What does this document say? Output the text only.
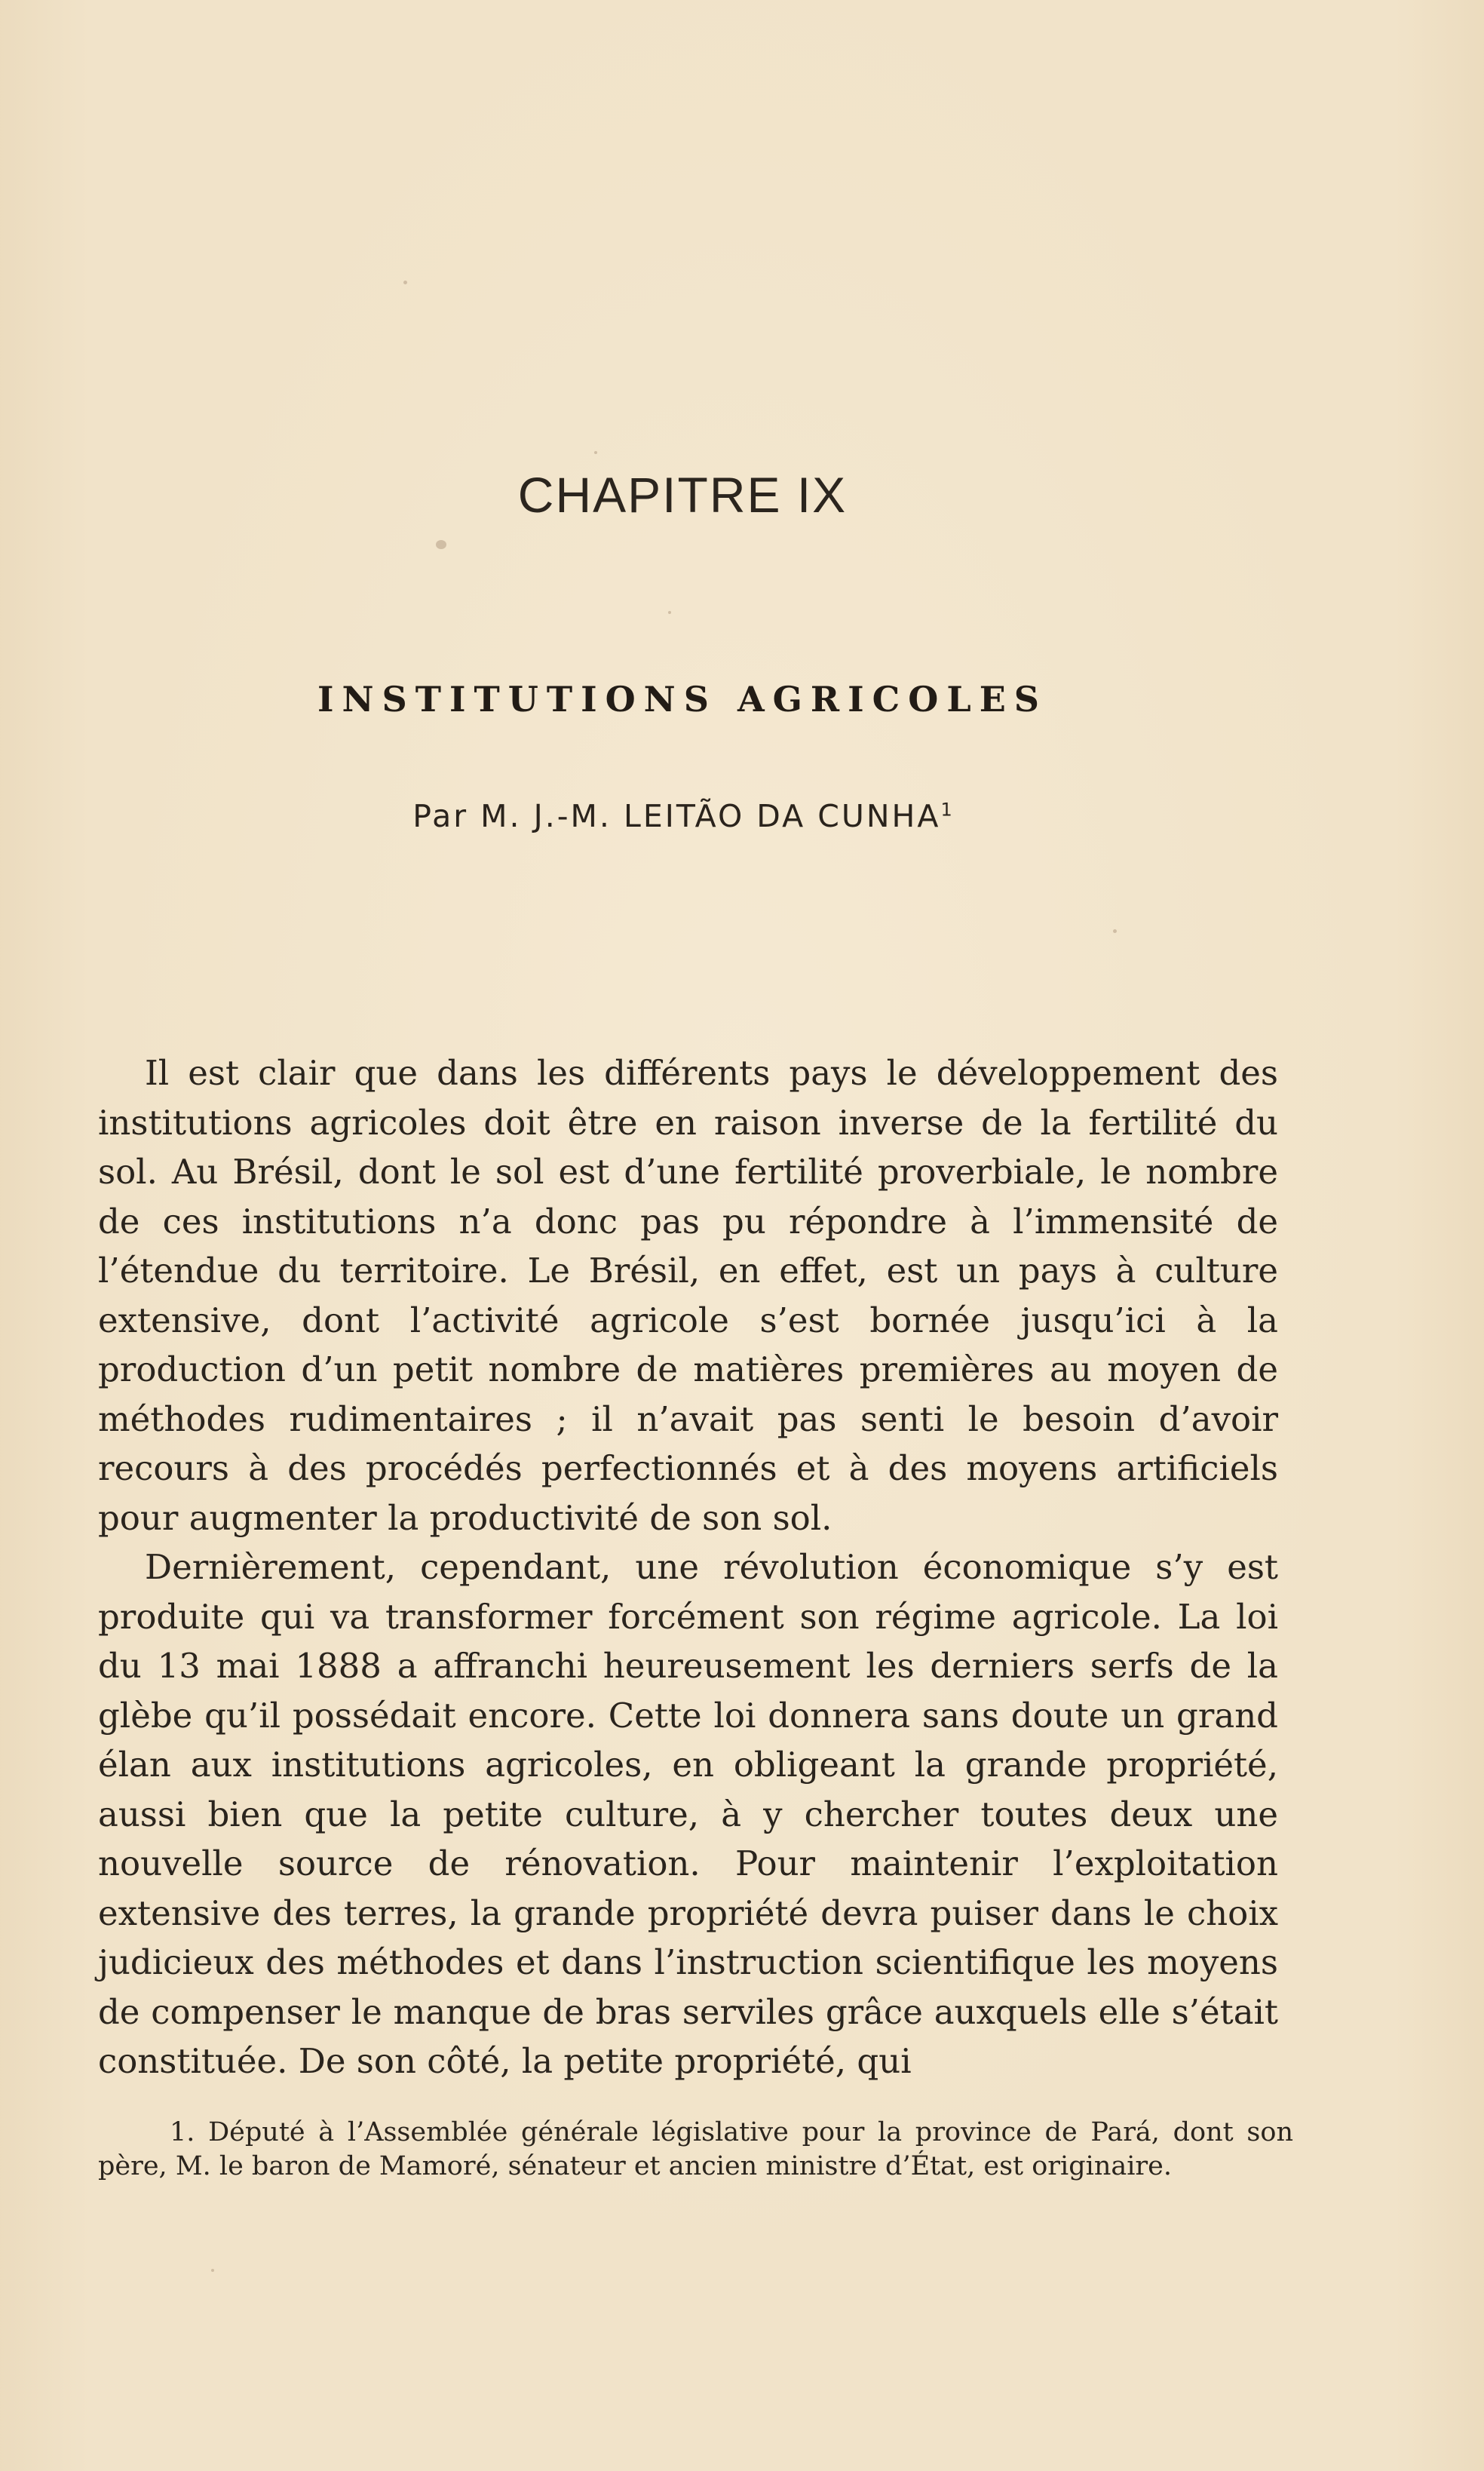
CHAPITRE IX
INSTITUTIONS AGRICOLES
Par M. J.-M. LEITÃO DA CUNHA$^1$

Il est clair que dans les différents pays le développement des institutions agricoles doit être en raison inverse de la fertilité du sol. Au Brésil, dont le sol est d’une fertilité proverbiale, le nombre de ces institutions n’a donc pas pu répondre à l’immensité de l’étendue du territoire. Le Brésil, en effet, est un pays à culture extensive, dont l’activité agricole s’est bornée jusqu’ici à la production d’un petit nombre de matières premières au moyen de méthodes rudimentaires ; il n’avait pas senti le besoin d’avoir recours à des procédés perfectionnés et à des moyens artificiels pour augmenter la productivité de son sol.

Dernièrement, cependant, une révolution économique s’y est produite qui va transformer forcément son régime agricole. La loi du 13 mai 1888 a affranchi heureusement les derniers serfs de la glèbe qu’il possédait encore. Cette loi donnera sans doute un grand élan aux institutions agricoles, en obligeant la grande propriété, aussi bien que la petite culture, à y chercher toutes deux une nouvelle source de rénovation. Pour maintenir l’exploitation extensive des terres, la grande propriété devra puiser dans le choix judicieux des méthodes et dans l’instruction scientifique les moyens de compenser le manque de bras serviles grâce auxquels elle s’était constituée. De son côté, la petite propriété, qui

1. Député à l’Assemblée générale législative pour la province de Pará, dont son père, M. le baron de Mamoré, sénateur et ancien ministre d’État, est originaire.
